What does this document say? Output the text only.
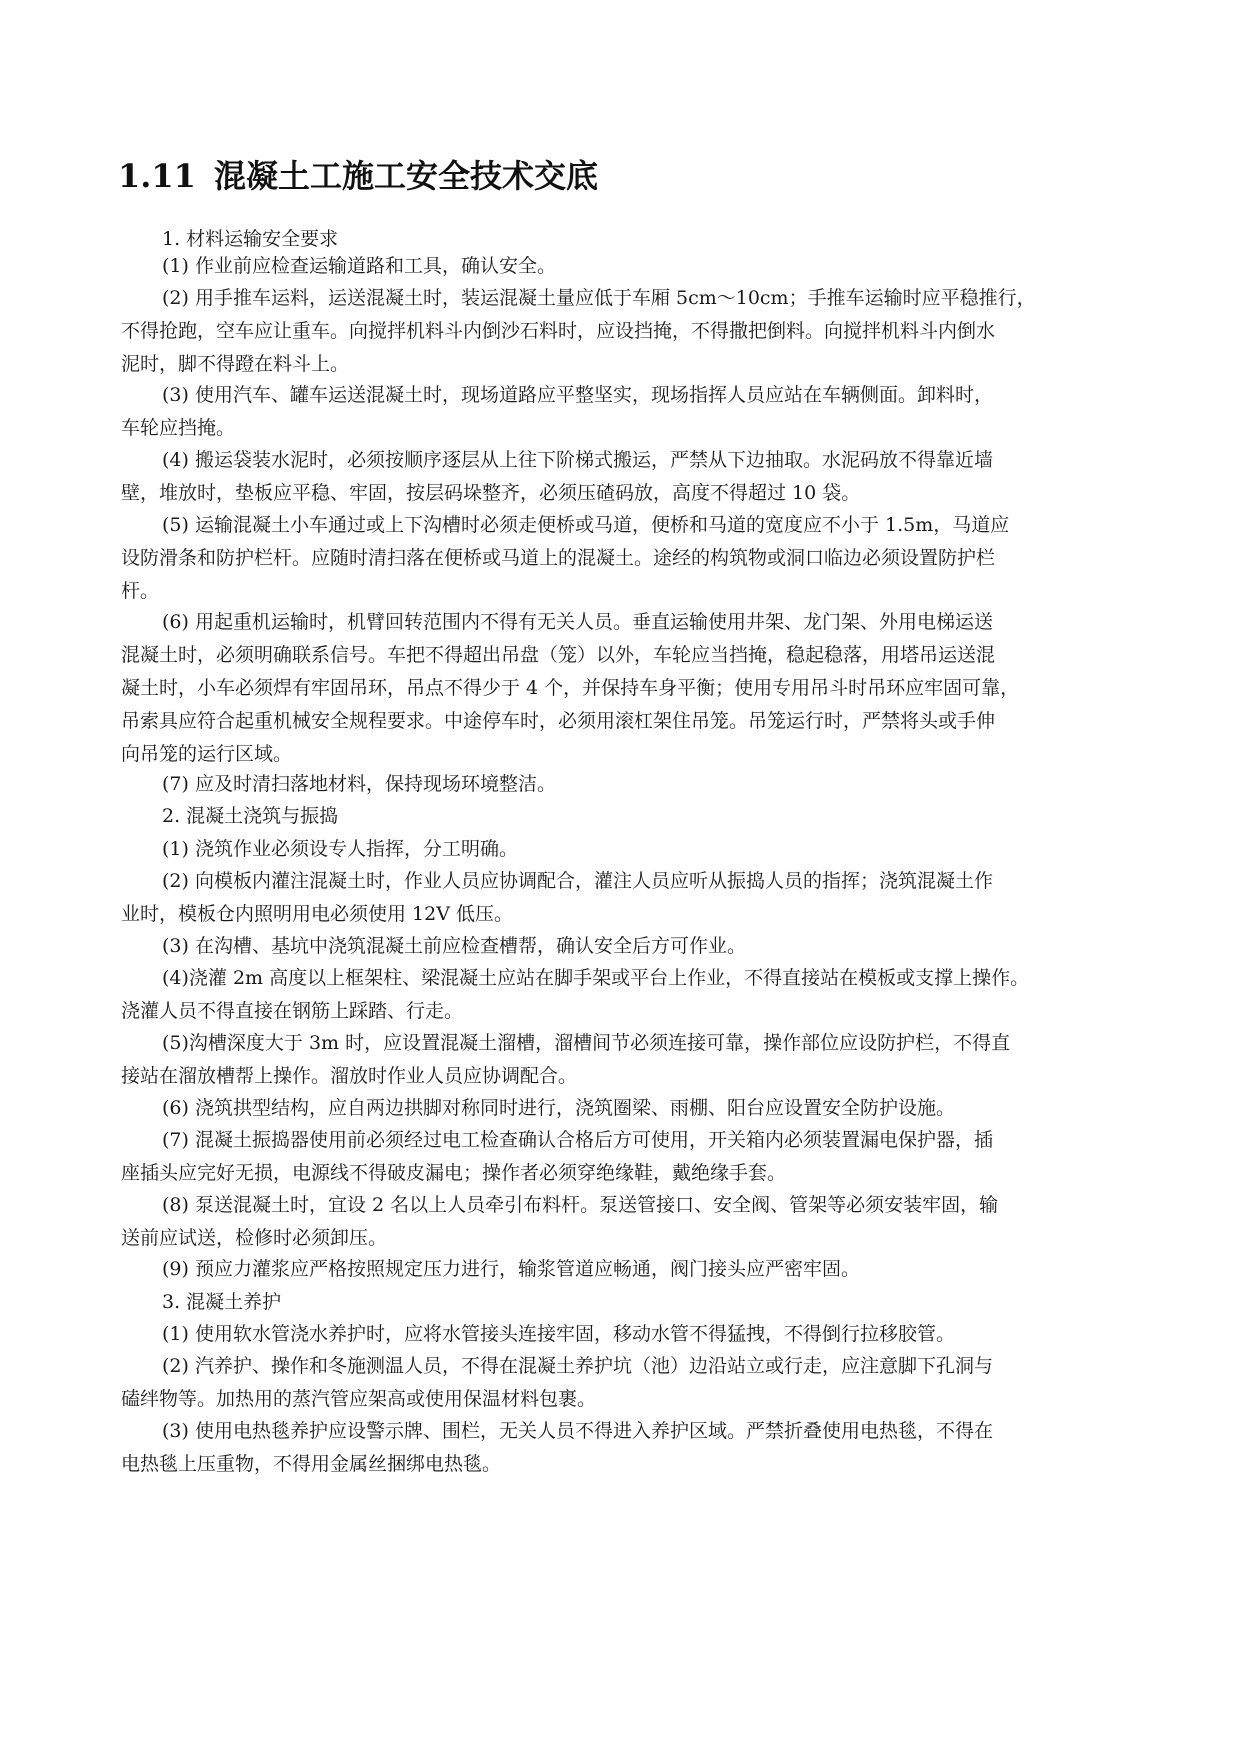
1.11 混凝土工施工安全技术交底

1. 材料运输安全要求

(1) 作业前应检查运输道路和工具，确认安全。

(2) 用手推车运料，运送混凝土时，装运混凝土量应低于车厢 5cm～10cm；手推车运输时应平稳推行，
不得抢跑，空车应让重车。向搅拌机料斗内倒沙石料时，应设挡掩，不得撒把倒料。向搅拌机料斗内倒水
泥时，脚不得蹬在料斗上。

(3) 使用汽车、罐车运送混凝土时，现场道路应平整坚实，现场指挥人员应站在车辆侧面。卸料时，
车轮应挡掩。

(4) 搬运袋装水泥时，必须按顺序逐层从上往下阶梯式搬运，严禁从下边抽取。水泥码放不得靠近墙
壁，堆放时，垫板应平稳、牢固，按层码垛整齐，必须压碴码放，高度不得超过 10 袋。

(5) 运输混凝土小车通过或上下沟槽时必须走便桥或马道，便桥和马道的宽度应不小于 1.5m，马道应
设防滑条和防护栏杆。应随时清扫落在便桥或马道上的混凝土。途经的构筑物或洞口临边必须设置防护栏
杆。

(6) 用起重机运输时，机臂回转范围内不得有无关人员。垂直运输使用井架、龙门架、外用电梯运送
混凝土时，必须明确联系信号。车把不得超出吊盘（笼）以外，车轮应当挡掩，稳起稳落，用塔吊运送混
凝土时，小车必须焊有牢固吊环，吊点不得少于 4 个，并保持车身平衡；使用专用吊斗时吊环应牢固可靠，
吊索具应符合起重机械安全规程要求。中途停车时，必须用滚杠架住吊笼。吊笼运行时，严禁将头或手伸
向吊笼的运行区域。

(7) 应及时清扫落地材料，保持现场环境整洁。

2. 混凝土浇筑与振捣

(1) 浇筑作业必须设专人指挥，分工明确。

(2) 向模板内灌注混凝土时，作业人员应协调配合，灌注人员应听从振捣人员的指挥；浇筑混凝土作
业时，模板仓内照明用电必须使用 12V 低压。

(3) 在沟槽、基坑中浇筑混凝土前应检查槽帮，确认安全后方可作业。

(4)浇灌 2m 高度以上框架柱、梁混凝土应站在脚手架或平台上作业，不得直接站在模板或支撑上操作。
浇灌人员不得直接在钢筋上踩踏、行走。

(5)沟槽深度大于 3m 时，应设置混凝土溜槽，溜槽间节必须连接可靠，操作部位应设防护栏，不得直
接站在溜放槽帮上操作。溜放时作业人员应协调配合。

(6) 浇筑拱型结构，应自两边拱脚对称同时进行，浇筑圈梁、雨棚、阳台应设置安全防护设施。

(7) 混凝土振捣器使用前必须经过电工检查确认合格后方可使用，开关箱内必须装置漏电保护器，插
座插头应完好无损，电源线不得破皮漏电；操作者必须穿绝缘鞋，戴绝缘手套。

(8) 泵送混凝土时，宜设 2 名以上人员牵引布料杆。泵送管接口、安全阀、管架等必须安装牢固，输
送前应试送，检修时必须卸压。

(9) 预应力灌浆应严格按照规定压力进行，输浆管道应畅通，阀门接头应严密牢固。

3. 混凝土养护

(1) 使用软水管浇水养护时，应将水管接头连接牢固，移动水管不得猛拽，不得倒行拉移胶管。

(2) 汽养护、操作和冬施测温人员，不得在混凝土养护坑（池）边沿站立或行走，应注意脚下孔洞与
磕绊物等。加热用的蒸汽管应架高或使用保温材料包裹。

(3) 使用电热毯养护应设警示牌、围栏，无关人员不得进入养护区域。严禁折叠使用电热毯，不得在
电热毯上压重物，不得用金属丝捆绑电热毯。
